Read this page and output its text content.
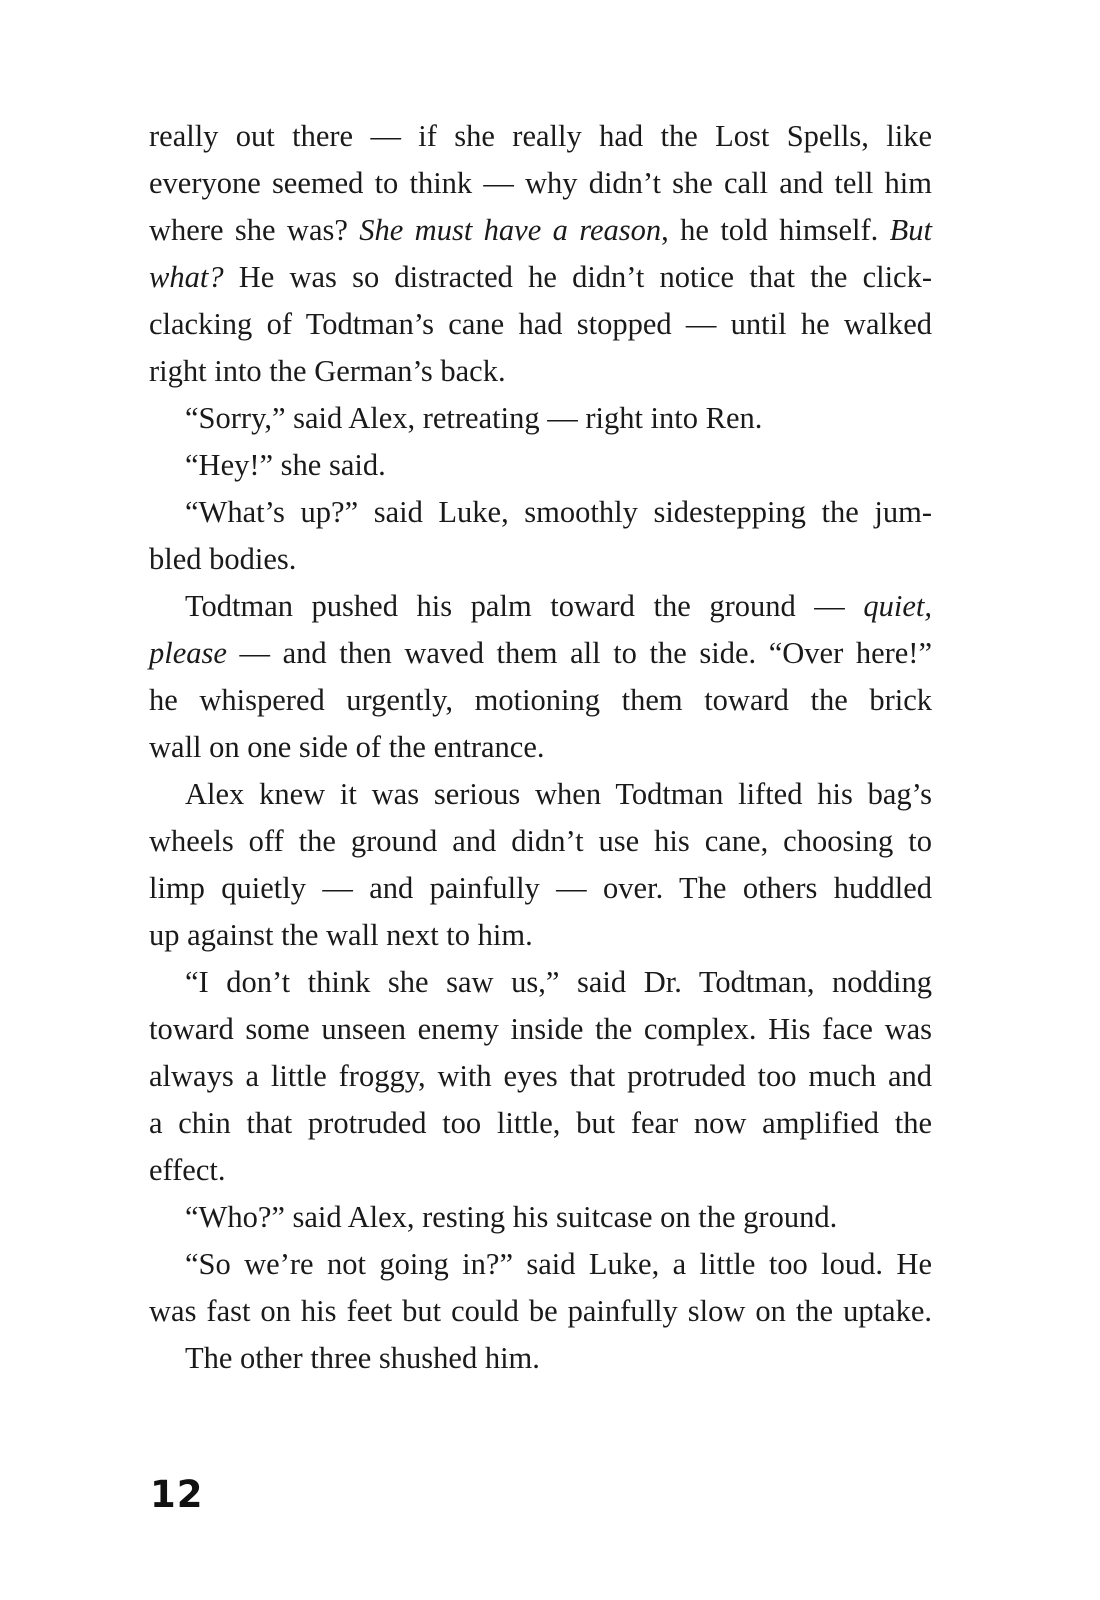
really out there — if she really had the Lost Spells, like
everyone seemed to think — why didn’t she call and tell him
where she was? She must have a reason, he told himself. But
what? He was so distracted he didn’t notice that the click-
clacking of Todtman’s cane had stopped — until he walked
right into the German’s back.
“Sorry,” said Alex, retreating — right into Ren.
“Hey!” she said.
“What’s up?” said Luke, smoothly sidestepping the jum-
bled bodies.
Todtman pushed his palm toward the ground — quiet,
please — and then waved them all to the side. “Over here!”
he whispered urgently, motioning them toward the brick
wall on one side of the entrance.
Alex knew it was serious when Todtman lifted his bag’s
wheels off the ground and didn’t use his cane, choosing to
limp quietly — and painfully — over. The others huddled
up against the wall next to him.
“I don’t think she saw us,” said Dr. Todtman, nodding
toward some unseen enemy inside the complex. His face was
always a little froggy, with eyes that protruded too much and
a chin that protruded too little, but fear now amplified the
effect.
“Who?” said Alex, resting his suitcase on the ground.
“So we’re not going in?” said Luke, a little too loud. He
was fast on his feet but could be painfully slow on the uptake.
The other three shushed him.
12
